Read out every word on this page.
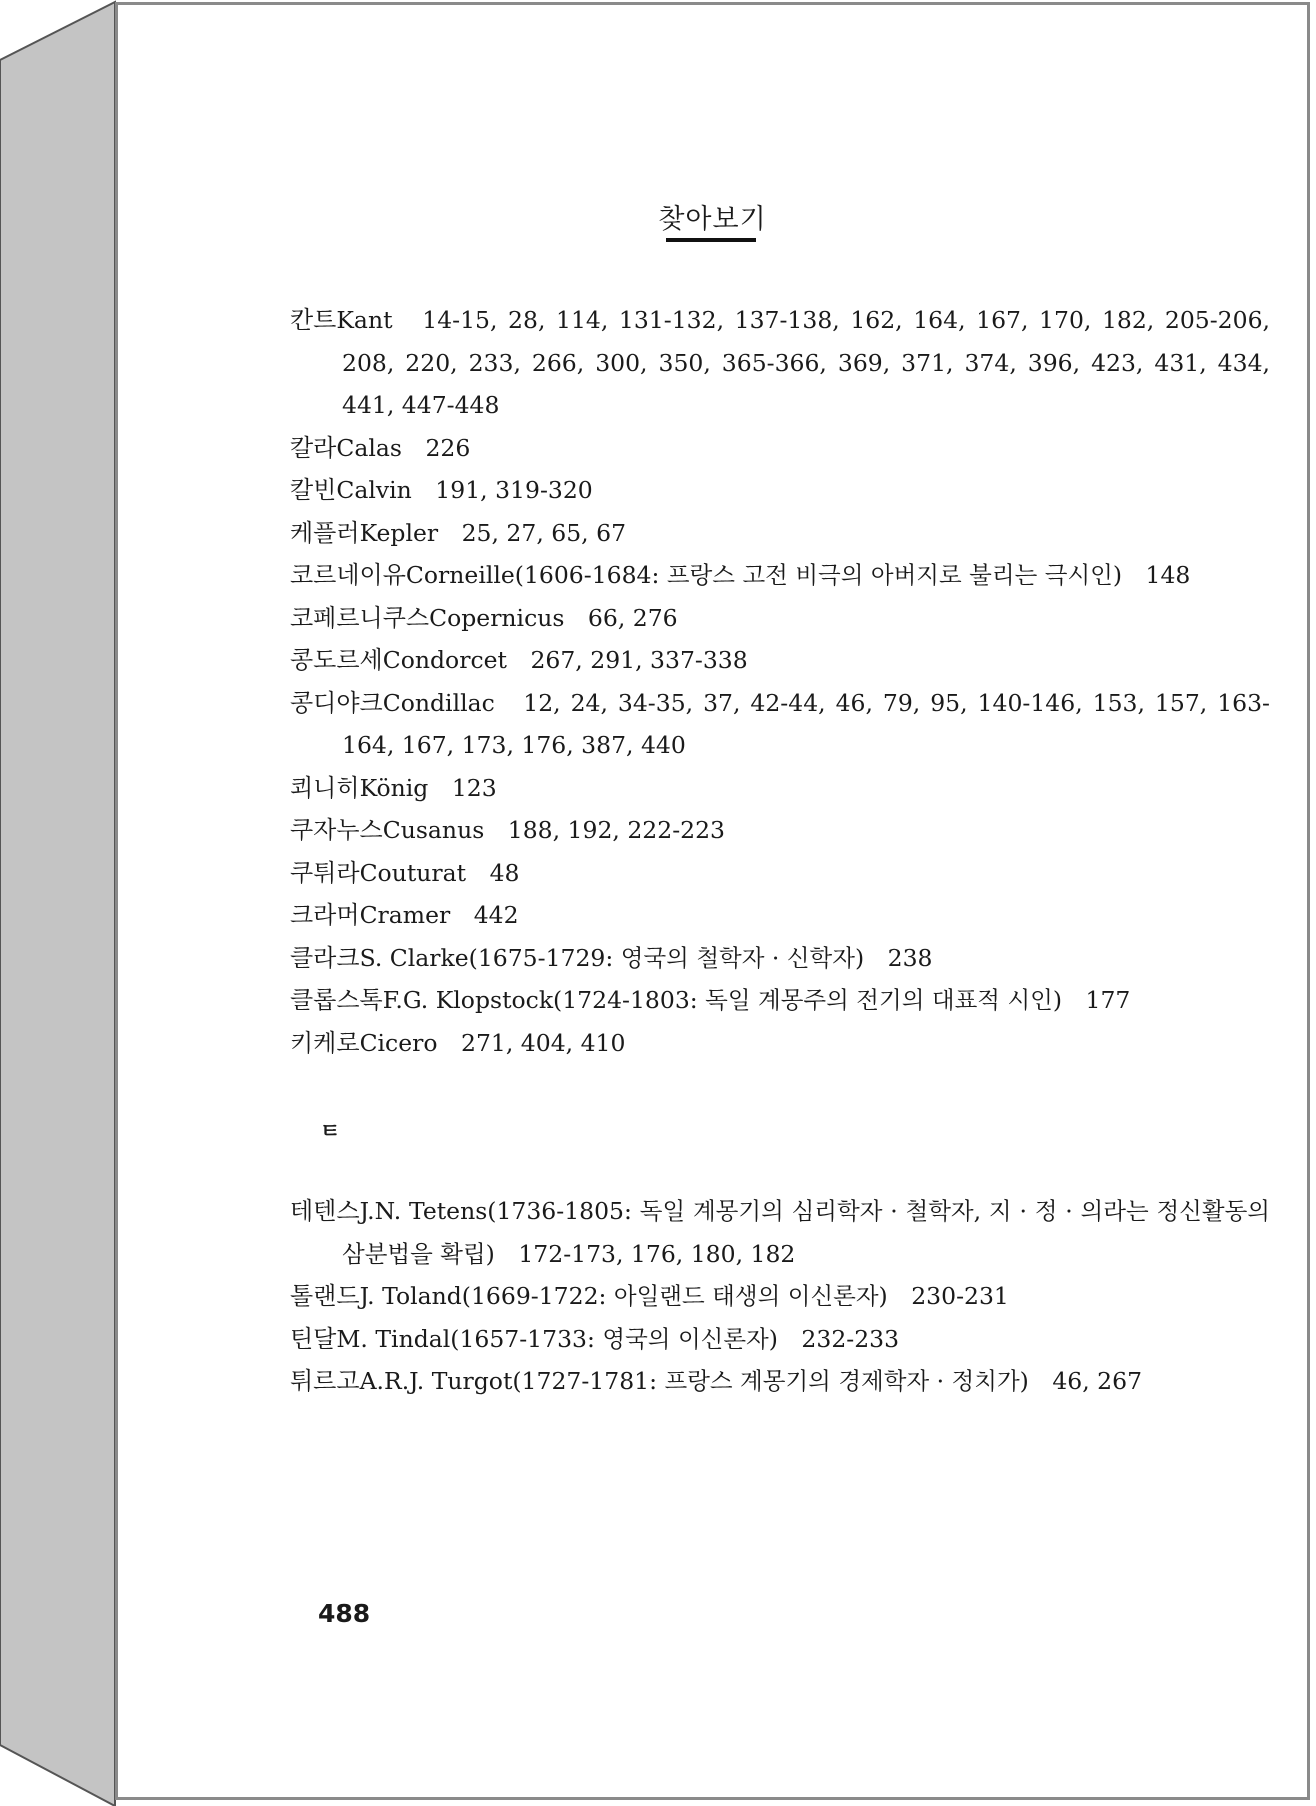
찾아보기

칸트Kant　14-15, 28, 114, 131-132, 137-138, 162, 164, 167, 170, 182, 205-206, 208, 220, 233, 266, 300, 350, 365-366, 369, 371, 374, 396, 423, 431, 434, 441, 447-448

칼라Calas　226

칼빈Calvin　191, 319-320

케플러Kepler　25, 27, 65, 67

코르네이유Corneille(1606-1684: 프랑스 고전 비극의 아버지로 불리는 극시인)　148

코페르니쿠스Copernicus　66, 276

콩도르세Condorcet　267, 291, 337-338

콩디야크Condillac　12, 24, 34-35, 37, 42-44, 46, 79, 95, 140-146, 153, 157, 163-164, 167, 173, 176, 387, 440

쾨니히König　123

쿠자누스Cusanus　188, 192, 222-223

쿠튀라Couturat　48

크라머Cramer　442

클라크S. Clarke(1675-1729: 영국의 철학자 · 신학자)　238

클롭스톡F.G. Klopstock(1724-1803: 독일 계몽주의 전기의 대표적 시인)　177

키케로Cicero　271, 404, 410

ㅌ

테텐스J.N. Tetens(1736-1805: 독일 계몽기의 심리학자 · 철학자, 지 · 정 · 의라는 정신활동의 삼분법을 확립)　172-173, 176, 180, 182

톨랜드J. Toland(1669-1722: 아일랜드 태생의 이신론자)　230-231

틴달M. Tindal(1657-1733: 영국의 이신론자)　232-233

튀르고A.R.J. Turgot(1727-1781: 프랑스 계몽기의 경제학자 · 정치가)　46, 267

488
